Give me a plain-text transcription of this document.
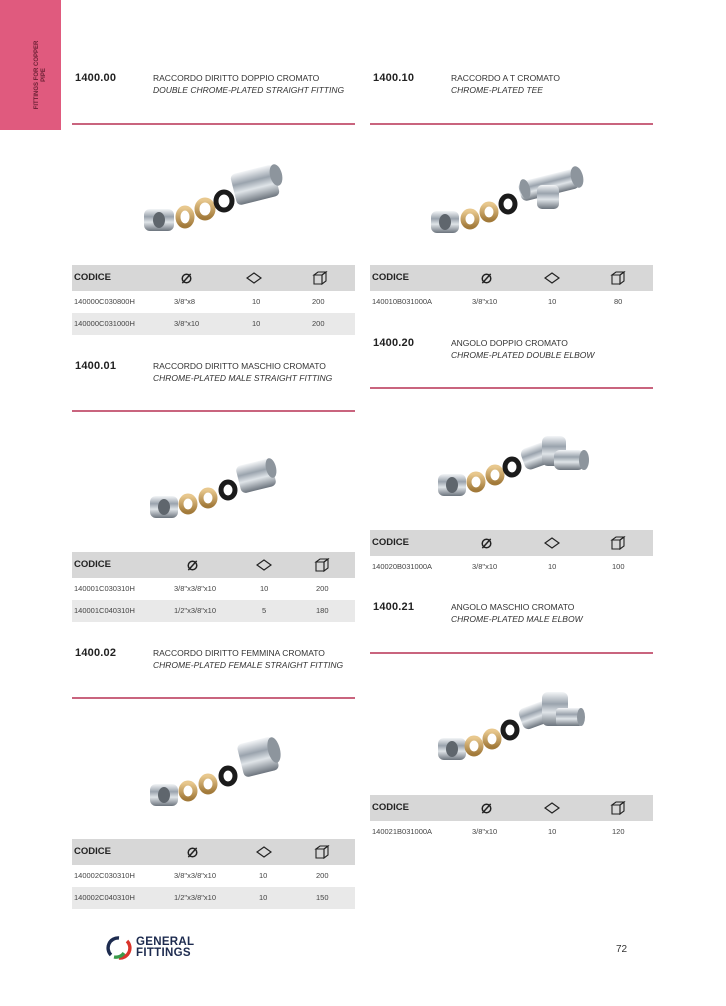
FITTINGS FOR COPPER PIPE	1400.00	RACCORDO DIRITTO DOPPIO CROMATO
DOUBLE CHROME-PLATED STRAIGHT FITTING
CODICE
140000C030800H	3/8"x8	10	200
140000C031000H	3/8"x10	10	200
1400.01	RACCORDO DIRITTO MASCHIO CROMATO
CHROME-PLATED MALE STRAIGHT FITTING
CODICE
140001C030310H	3/8"x3/8"x10	10	200
140001C040310H	1/2"x3/8"x10	5	180
1400.02	RACCORDO DIRITTO FEMMINA CROMATO
CHROME-PLATED FEMALE STRAIGHT FITTING
CODICE
140002C030310H	3/8"x3/8"x10	10	200
140002C040310H	1/2"x3/8"x10	10	150
1400.10	RACCORDO A T CROMATO
CHROME-PLATED TEE
CODICE
140010B031000A	3/8"x10	10	80
1400.20	ANGOLO DOPPIO CROMATO
CHROME-PLATED DOUBLE ELBOW
CODICE
140020B031000A	3/8"x10	10	100
1400.21	ANGOLO MASCHIO CROMATO
CHROME-PLATED MALE ELBOW
CODICE
140021B031000A	3/8"x10	10	120
GENERAL
FITTINGS	72
